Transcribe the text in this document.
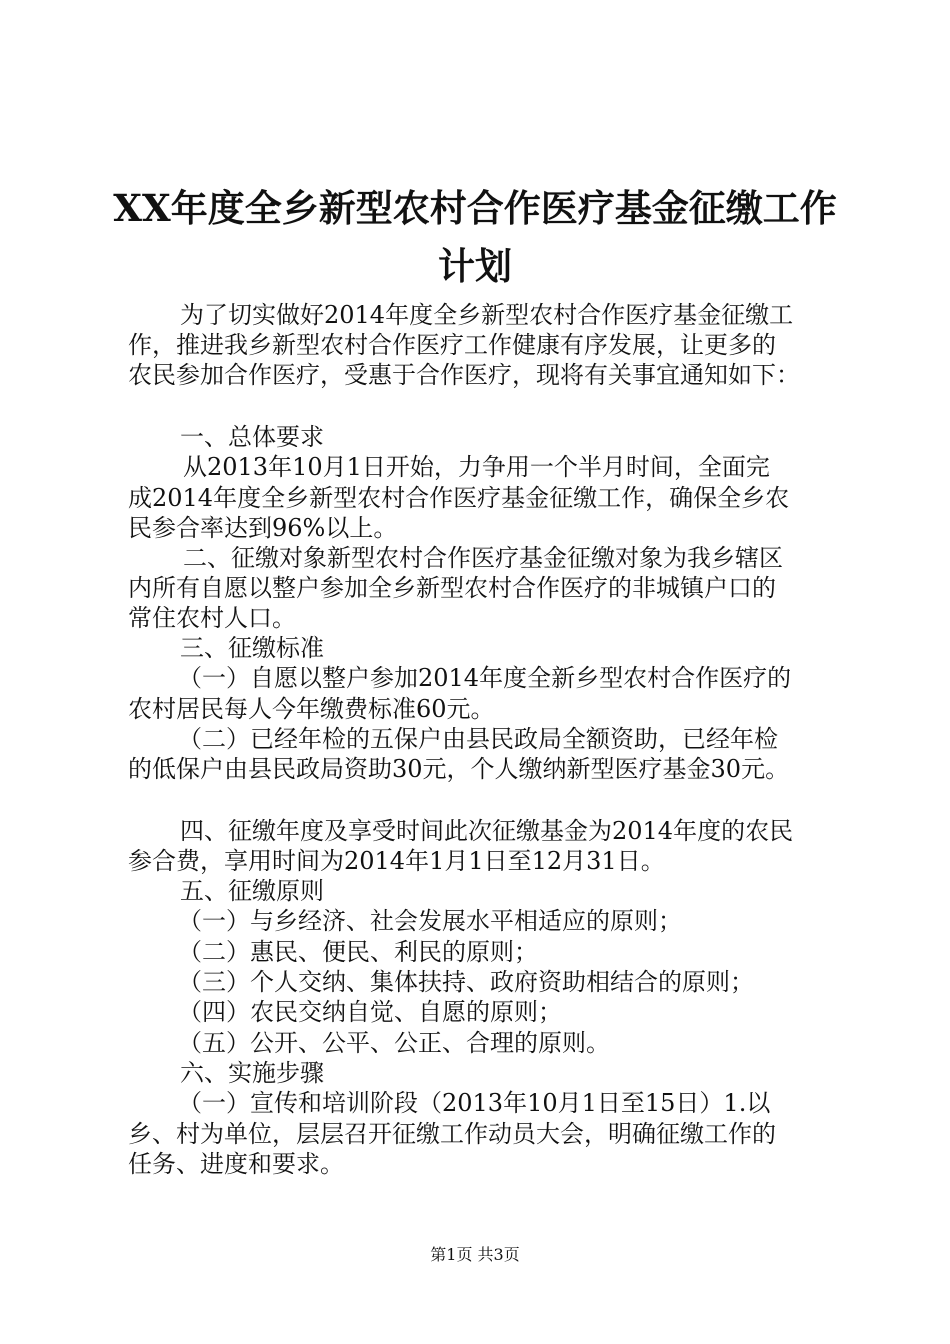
XX年度全乡新型农村合作医疗基金征缴工作
计划
为了切实做好2014年度全乡新型农村合作医疗基金征缴工
作，推进我乡新型农村合作医疗工作健康有序发展，让更多的
农民参加合作医疗，受惠于合作医疗，现将有关事宜通知如下：
一、总体要求
从2013年10月1日开始，力争用一个半月时间，全面完
成2014年度全乡新型农村合作医疗基金征缴工作，确保全乡农
民参合率达到96%以上。
二、征缴对象新型农村合作医疗基金征缴对象为我乡辖区
内所有自愿以整户参加全乡新型农村合作医疗的非城镇户口的
常住农村人口。
三、征缴标准
（一）自愿以整户参加2014年度全新乡型农村合作医疗的
农村居民每人今年缴费标准60元。
（二）已经年检的五保户由县民政局全额资助，已经年检
的低保户由县民政局资助30元，个人缴纳新型医疗基金30元。
四、征缴年度及享受时间此次征缴基金为2014年度的农民
参合费，享用时间为2014年1月1日至12月31日。
五、征缴原则
（一）与乡经济、社会发展水平相适应的原则；
（二）惠民、便民、利民的原则；
（三）个人交纳、集体扶持、政府资助相结合的原则；
（四）农民交纳自觉、自愿的原则；
（五）公开、公平、公正、合理的原则。
六、实施步骤
（一）宣传和培训阶段（2013年10月1日至15日）1.以
乡、村为单位，层层召开征缴工作动员大会，明确征缴工作的
任务、进度和要求。
第1页 共3页
